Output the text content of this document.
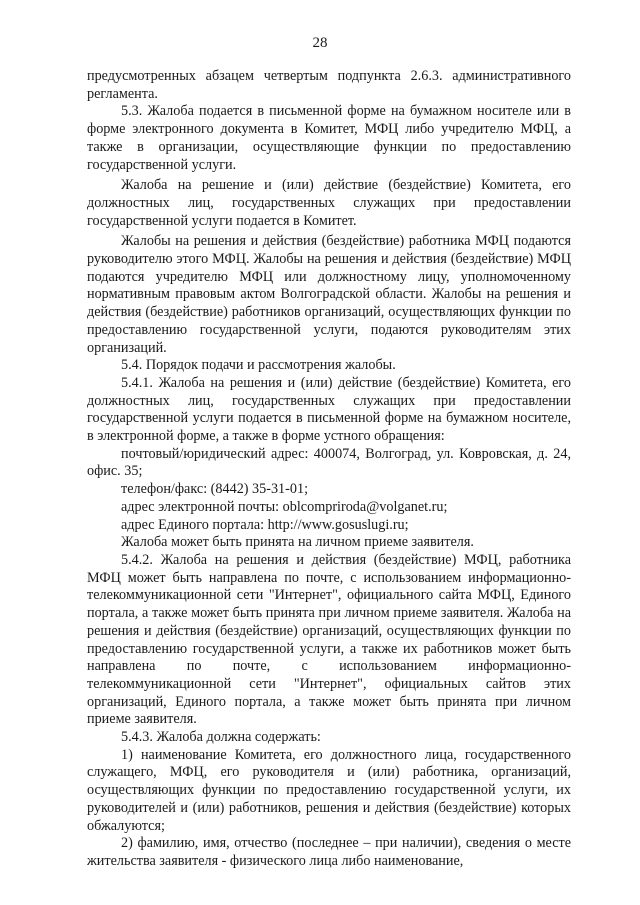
28

предусмотренных абзацем четвертым подпункта 2.6.3. административного регламента.

5.3. Жалоба подается в письменной форме на бумажном носителе или в форме электронного документа в Комитет, МФЦ либо учредителю МФЦ, а также в организации, осуществляющие функции по предоставлению государственной услуги.

Жалоба на решение и (или) действие (бездействие) Комитета, его должностных лиц, государственных служащих при предоставлении государственной услуги подается в Комитет.

Жалобы на решения и действия (бездействие) работника МФЦ подаются руководителю этого МФЦ. Жалобы на решения и действия (бездействие) МФЦ подаются учредителю МФЦ или должностному лицу, уполномоченному нормативным правовым актом Волгоградской области. Жалобы на решения и действия (бездействие) работников организаций, осуществляющих функции по предоставлению государственной услуги, подаются руководителям этих организаций.

5.4. Порядок подачи и рассмотрения жалобы.

5.4.1. Жалоба на решения и (или) действие (бездействие) Комитета, его должностных лиц, государственных служащих при предоставлении государственной услуги подается в письменной форме на бумажном носителе, в электронной форме, а также в форме устного обращения:

почтовый/юридический адрес: 400074, Волгоград, ул. Ковровская, д. 24, офис. 35;

телефон/факс: (8442) 35-31-01;

адрес электронной почты: oblcompriroda@volganet.ru;

адрес Единого портала: http://www.gosuslugi.ru;

Жалоба может быть принята на личном приеме заявителя.

5.4.2. Жалоба на решения и действия (бездействие) МФЦ, работника МФЦ может быть направлена по почте, с использованием информационно-телекоммуникационной сети "Интернет", официального сайта МФЦ, Единого портала, а также может быть принята при личном приеме заявителя. Жалоба на решения и действия (бездействие) организаций, осуществляющих функции по предоставлению государственной услуги, а также их работников может быть направлена по почте, с использованием информационно-телекоммуникационной сети "Интернет", официальных сайтов этих организаций, Единого портала, а также может быть принята при личном приеме заявителя.

5.4.3. Жалоба должна содержать:

1) наименование Комитета, его должностного лица, государственного служащего, МФЦ, его руководителя и (или) работника, организаций, осуществляющих функции по предоставлению государственной услуги, их руководителей и (или) работников, решения и действия (бездействие) которых обжалуются;

2) фамилию, имя, отчество (последнее – при наличии), сведения о месте жительства заявителя - физического лица либо наименование,
